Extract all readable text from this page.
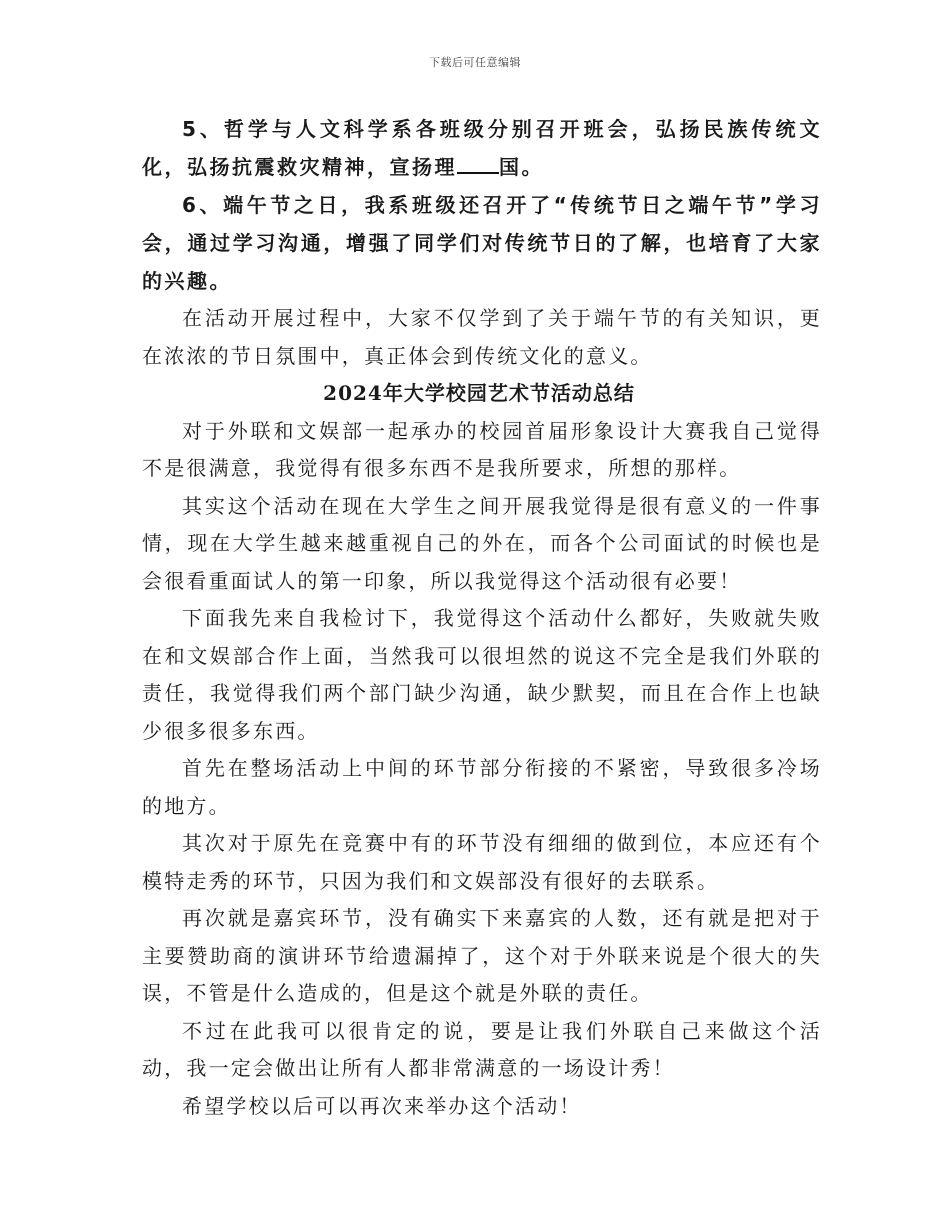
下载后可任意编辑

5、哲学与人文科学系各班级分别召开班会，弘扬民族传统文化，弘扬抗震救灾精神，宣扬理 国。

6、端午节之日，我系班级还召开了“传统节日之端午节”学习会，通过学习沟通，增强了同学们对传统节日的了解，也培育了大家的兴趣。

在活动开展过程中，大家不仅学到了关于端午节的有关知识，更在浓浓的节日氛围中，真正体会到传统文化的意义。

2024年大学校园艺术节活动总结

对于外联和文娱部一起承办的校园首届形象设计大赛我自己觉得不是很满意，我觉得有很多东西不是我所要求，所想的那样。

其实这个活动在现在大学生之间开展我觉得是很有意义的一件事情，现在大学生越来越重视自己的外在，而各个公司面试的时候也是会很看重面试人的第一印象，所以我觉得这个活动很有必要！

下面我先来自我检讨下，我觉得这个活动什么都好，失败就失败在和文娱部合作上面，当然我可以很坦然的说这不完全是我们外联的责任，我觉得我们两个部门缺少沟通，缺少默契，而且在合作上也缺少很多很多东西。

首先在整场活动上中间的环节部分衔接的不紧密，导致很多冷场的地方。

其次对于原先在竞赛中有的环节没有细细的做到位，本应还有个模特走秀的环节，只因为我们和文娱部没有很好的去联系。

再次就是嘉宾环节，没有确实下来嘉宾的人数，还有就是把对于主要赞助商的演讲环节给遗漏掉了，这个对于外联来说是个很大的失误，不管是什么造成的，但是这个就是外联的责任。

不过在此我可以很肯定的说，要是让我们外联自己来做这个活动，我一定会做出让所有人都非常满意的一场设计秀！

希望学校以后可以再次来举办这个活动！
